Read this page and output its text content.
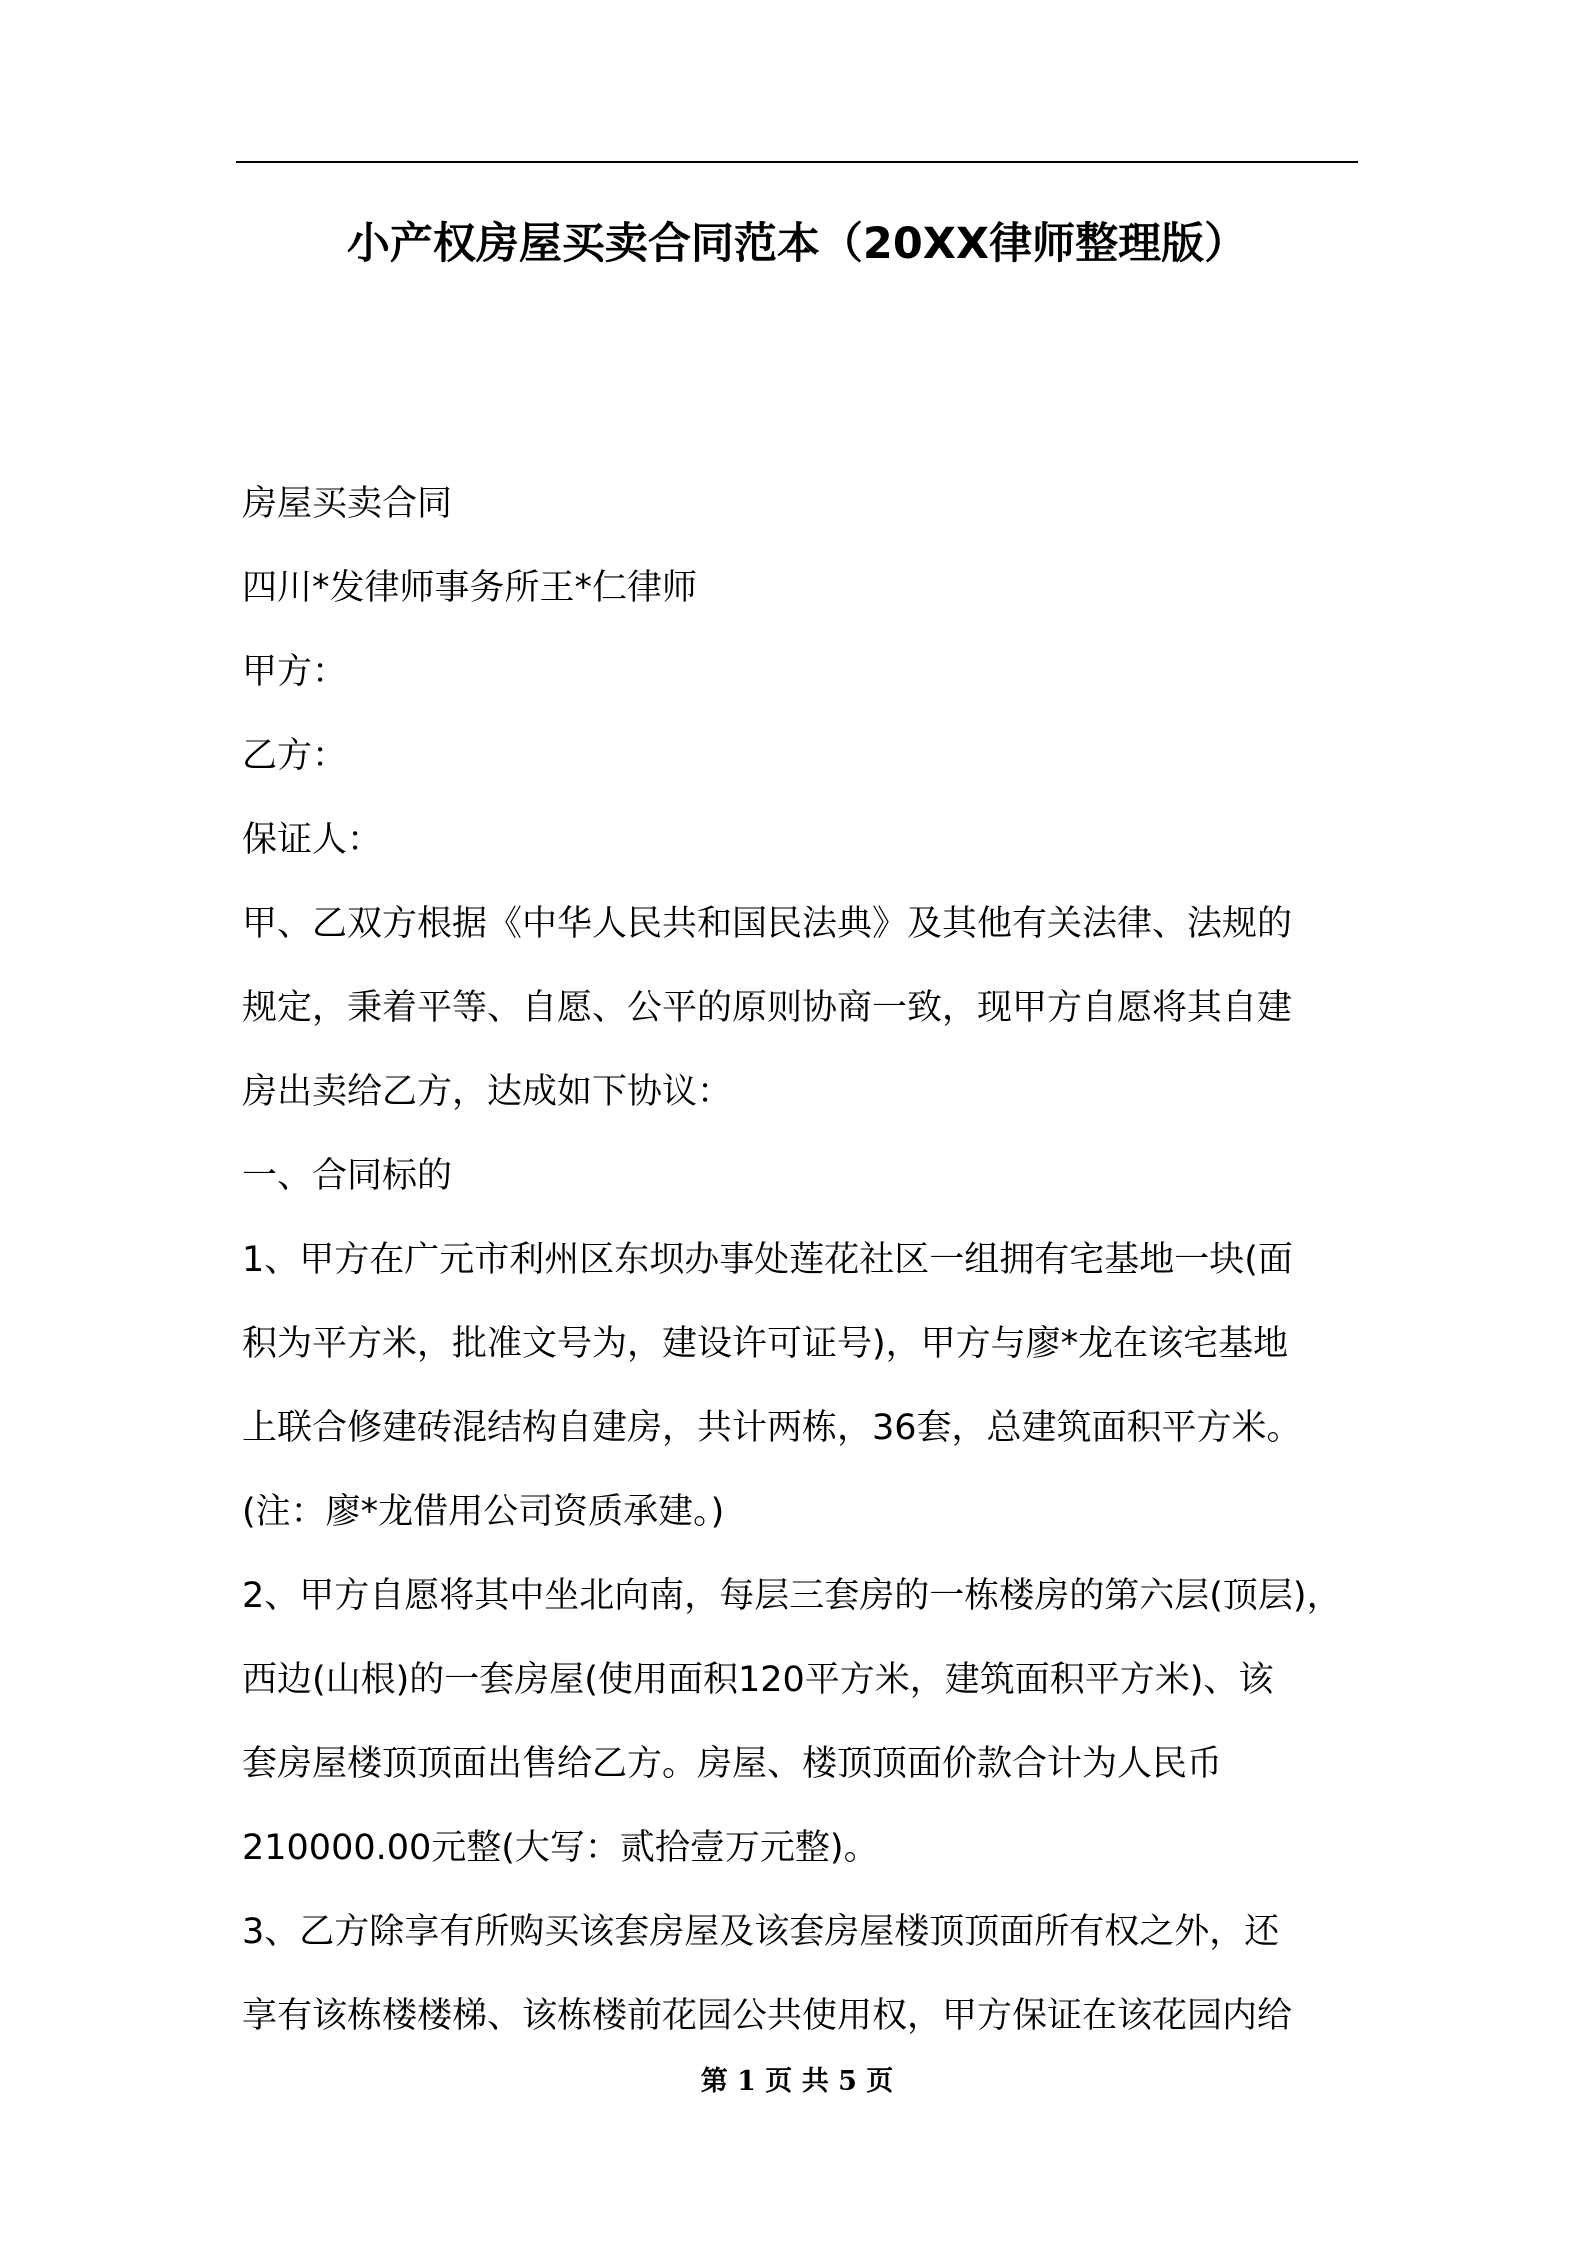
小产权房屋买卖合同范本（20XX律师整理版）
房屋买卖合同
四川*发律师事务所王*仁律师
甲方：
乙方：
保证人：
甲、乙双方根据《中华人民共和国民法典》及其他有关法律、法规的
规定，秉着平等、自愿、公平的原则协商一致，现甲方自愿将其自建
房出卖给乙方，达成如下协议：
一、合同标的
1、甲方在广元市利州区东坝办事处莲花社区一组拥有宅基地一块(面
积为平方米，批准文号为，建设许可证号)，甲方与廖*龙在该宅基地
上联合修建砖混结构自建房，共计两栋，36套，总建筑面积平方米。
(注：廖*龙借用公司资质承建。)
2、甲方自愿将其中坐北向南，每层三套房的一栋楼房的第六层(顶层)，
西边(山根)的一套房屋(使用面积120平方米，建筑面积平方米)、该
套房屋楼顶顶面出售给乙方。房屋、楼顶顶面价款合计为人民币
210000.00元整(大写：贰拾壹万元整)。
3、乙方除享有所购买该套房屋及该套房屋楼顶顶面所有权之外，还
享有该栋楼楼梯、该栋楼前花园公共使用权，甲方保证在该花园内给
第 1 页 共 5 页
